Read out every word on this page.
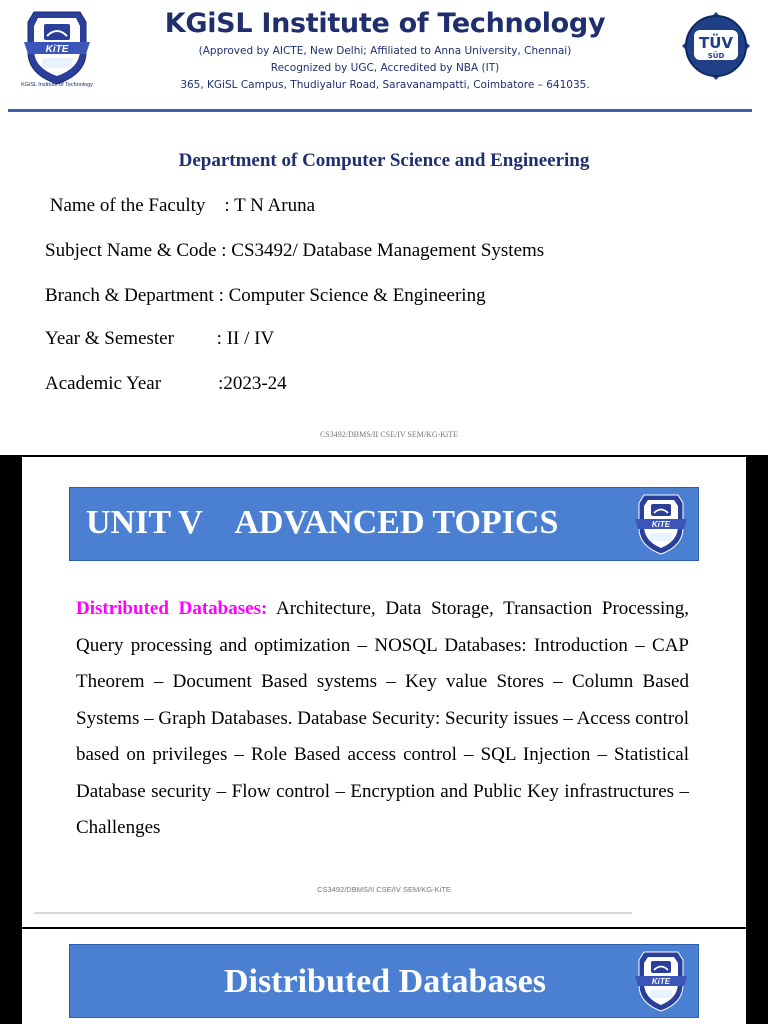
KiTE
KGiSL Institute of Technology
KGiSL Institute of Technology
(Approved by AICTE, New Delhi; Affiliated to Anna University, Chennai)
Recognized by UGC, Accredited by NBA (IT)
365, KGiSL Campus, Thudiyalur Road, Saravanampatti, Coimbatore – 641035.
TÜV
SÜD
Department of Computer Science and Engineering
Name of the Faculty    : T N Aruna
Subject Name & Code : CS3492/ Database Management Systems
Branch & Department : Computer Science & Engineering
Year & Semester         : II / IV
Academic Year            :2023-24
CS3492/DBMS/II CSE/IV SEM/KG-KiTE
UNIT V    ADVANCED TOPICS	KiTE
Distributed Databases: Architecture, Data Storage, Transaction Processing, Query processing and optimization – NOSQL Databases: Introduction – CAP Theorem – Document Based systems – Key value Stores – Column Based Systems – Graph Databases. Database Security: Security issues – Access control based on privileges – Role Based access control – SQL Injection – Statistical Database security – Flow control – Encryption and Public Key infrastructures – Challenges
CS3492/DBMS/II CSE/IV SEM/KG-KiTE
Distributed Databases	KiTE
